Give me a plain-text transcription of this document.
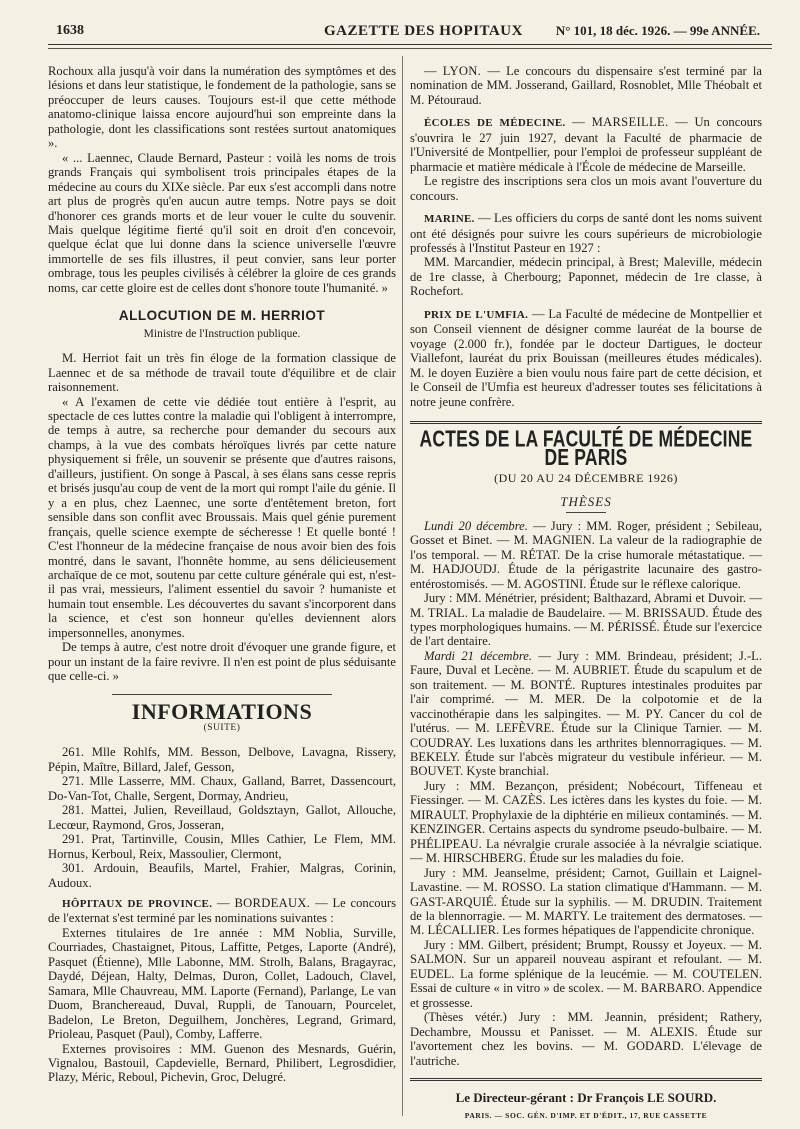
1638	GAZETTE DES HOPITAUX	N° 101, 18 déc. 1926. — 99e ANNÉE.

Rochoux alla jusqu'à voir dans la numération des symptômes et des lésions et dans leur statistique, le fondement de la pathologie, sans se préoccuper de leurs causes. Toujours est-il que cette méthode anatomo-clinique laissa encore aujourd'hui son empreinte dans la pathologie, dont les classifications sont restées surtout anatomiques ».

« ... Laennec, Claude Bernard, Pasteur : voilà les noms de trois grands Français qui symbolisent trois principales étapes de la médecine au cours du XIXe siècle. Par eux s'est accompli dans notre art plus de progrès qu'en aucun autre temps. Notre pays se doit d'honorer ces grands morts et de leur vouer le culte du souvenir. Mais quelque légitime fierté qu'il soit en droit d'en concevoir, quelque éclat que lui donne dans la science universelle l'œuvre immortelle de ses fils illustres, il peut convier, sans leur porter ombrage, tous les peuples civilisés à célébrer la gloire de ces grands noms, car cette gloire est de celles dont s'honore toute l'humanité. »

ALLOCUTION DE M. HERRIOT
Ministre de l'Instruction publique.

M. Herriot fait un très fin éloge de la formation classique de Laennec et de sa méthode de travail toute d'équilibre et de clair raisonnement.

« A l'examen de cette vie dédiée tout entière à l'esprit, au spectacle de ces luttes contre la maladie qui l'obligent à interrompre, de temps à autre, sa recherche pour demander du secours aux champs, à la vue des combats héroïques livrés par cette nature physiquement si frêle, un souvenir se présente que d'autres raisons, d'ailleurs, justifient. On songe à Pascal, à ses élans sans cesse repris et brisés jusqu'au coup de vent de la mort qui rompt l'aile du génie. Il y a en plus, chez Laennec, une sorte d'entêtement breton, fort sensible dans son conflit avec Broussais. Mais quel génie purement français, quelle science exempte de sécheresse ! Et quelle bonté ! C'est l'honneur de la médecine française de nous avoir bien des fois montré, dans le savant, l'honnête homme, au sens délicieusement archaïque de ce mot, soutenu par cette culture générale qui est, n'est-il pas vrai, messieurs, l'aliment essentiel du savoir ? humaniste et humain tout ensemble. Les découvertes du savant s'incorporent dans la science, et c'est son honneur qu'elles deviennent alors impersonnelles, anonymes.

De temps à autre, c'est notre droit d'évoquer une grande figure, et pour un instant de la faire revivre. Il n'en est point de plus séduisante que celle-ci. »

INFORMATIONS
(SUITE)

261. Mlle Rohlfs, MM. Besson, Delbove, Lavagna, Rissery, Pépin, Maître, Billard, Jalef, Gesson,

271. Mlle Lasserre, MM. Chaux, Galland, Barret, Dassencourt, Do-Van-Tot, Challe, Sergent, Dormay, Andrieu,

281. Mattei, Julien, Reveillaud, Goldsztayn, Gallot, Allouche, Lecœur, Raymond, Gros, Josseran,

291. Prat, Tartinville, Cousin, Mlles Cathier, Le Flem, MM. Hornus, Kerboul, Reix, Massoulier, Clermont,

301. Ardouin, Beaufils, Martel, Frahier, Malgras, Corinin, Audoux.

HÔPITAUX DE PROVINCE. — BORDEAUX. — Le concours de l'externat s'est terminé par les nominations suivantes :

Externes titulaires de 1re année : MM Noblia, Surville, Courriades, Chastaignet, Pitous, Laffitte, Petges, Laporte (André), Pasquet (Étienne), Mlle Labonne, MM. Strolh, Balans, Bragayrac, Daydé, Déjean, Halty, Delmas, Duron, Collet, Ladouch, Clavel, Samara, Mlle Chauvreau, MM. Laporte (Fernand), Parlange, Le van Duom, Branchereaud, Duval, Ruppli, de Tanouarn, Pourcelet, Badelon, Le Breton, Deguilhem, Jonchères, Legrand, Grimard, Prioleau, Pasquet (Paul), Comby, Lafferre.

Externes provisoires : MM. Guenon des Mesnards, Guérin, Vignalou, Bastouil, Capdevielle, Bernard, Philibert, Legrosdidier, Plazy, Méric, Reboul, Pichevin, Groc, Delugré.

— LYON. — Le concours du dispensaire s'est terminé par la nomination de MM. Josserand, Gaillard, Rosnoblet, Mlle Théobalt et M. Pétouraud.

ÉCOLES DE MÉDECINE. — MARSEILLE. — Un concours s'ouvrira le 27 juin 1927, devant la Faculté de pharmacie de l'Université de Montpellier, pour l'emploi de professeur suppléant de pharmacie et matière médicale à l'École de médecine de Marseille.

Le registre des inscriptions sera clos un mois avant l'ouverture du concours.

MARINE. — Les officiers du corps de santé dont les noms suivent ont été désignés pour suivre les cours supérieurs de microbiologie professés à l'Institut Pasteur en 1927 :

MM. Marcandier, médecin principal, à Brest; Maleville, médecin de 1re classe, à Cherbourg; Paponnet, médecin de 1re classe, à Rochefort.

PRIX DE L'UMFIA. — La Faculté de médecine de Montpellier et son Conseil viennent de désigner comme lauréat de la bourse de voyage (2.000 fr.), fondée par le docteur Dartigues, le docteur Viallefont, lauréat du prix Bouissan (meilleures études médicales). M. le doyen Euzière a bien voulu nous faire part de cette décision, et le Conseil de l'Umfia est heureux d'adresser toutes ses félicitations à notre jeune confrère.

ACTES DE LA FACULTÉ DE MÉDECINE DE PARIS
(DU 20 AU 24 DÉCEMBRE 1926)
THÈSES

Lundi 20 décembre. — Jury : MM. Roger, président ; Sebileau, Gosset et Binet. — M. MAGNIEN. La valeur de la radiographie de l'os temporal. — M. RÉTAT. De la crise humorale métastatique. — M. HADJOUDJ. Étude de la périgastrite lacunaire des gastro-entérostomisés. — M. AGOSTINI. Étude sur le réflexe calorique.

Jury : MM. Ménétrier, président; Balthazard, Abrami et Duvoir. — M. TRIAL. La maladie de Baudelaire. — M. BRISSAUD. Étude des types morphologiques humains. — M. PÉRISSÉ. Étude sur l'exercice de l'art dentaire.

Mardi 21 décembre. — Jury : MM. Brindeau, président; J.-L. Faure, Duval et Lecène. — M. AUBRIET. Étude du scapulum et de son traitement. — M. BONTÉ. Ruptures intestinales produites par l'air comprimé. — M. MER. De la colpotomie et de la vaccinothérapie dans les salpingites. — M. PY. Cancer du col de l'utérus. — M. LEFÈVRE. Étude sur la Clinique Tarnier. — M. COUDRAY. Les luxations dans les arthrites blennorragiques. — M. BEKELY. Étude sur l'abcès migrateur du vestibule inférieur. — M. BOUVET. Kyste branchial.

Jury : MM. Bezançon, président; Nobécourt, Tiffeneau et Fiessinger. — M. CAZÈS. Les ictères dans les kystes du foie. — M. MIRAULT. Prophylaxie de la diphtérie en milieux contaminés. — M. KENZINGER. Certains aspects du syndrome pseudo-bulbaire. — M. PHÉLIPEAU. La névralgie crurale associée à la névralgie sciatique. — M. HIRSCHBERG. Étude sur les maladies du foie.

Jury : MM. Jeanselme, président; Carnot, Guillain et Laignel-Lavastine. — M. ROSSO. La station climatique d'Hammann. — M. GAST-ARQUIÉ. Étude sur la syphilis. — M. DRUDIN. Traitement de la blennorragie. — M. MARTY. Le traitement des dermatoses. — M. LÉCALLIER. Les formes hépatiques de l'appendicite chronique.

Jury : MM. Gilbert, président; Brumpt, Roussy et Joyeux. — M. SALMON. Sur un appareil nouveau aspirant et refoulant. — M. EUDEL. La forme splénique de la leucémie. — M. COUTELEN. Essai de culture « in vitro » de scolex. — M. BARBARO. Appendice et grossesse.

(Thèses vétér.) Jury : MM. Jeannin, président; Rathery, Dechambre, Moussu et Panisset. — M. ALEXIS. Étude sur l'avortement chez les bovins. — M. GODARD. L'élevage de l'autriche.

Le Directeur-gérant : Dr François LE SOURD.
PARIS. — SOC. GÉN. D'IMP. ET D'ÉDIT., 17, RUE CASSETTE
